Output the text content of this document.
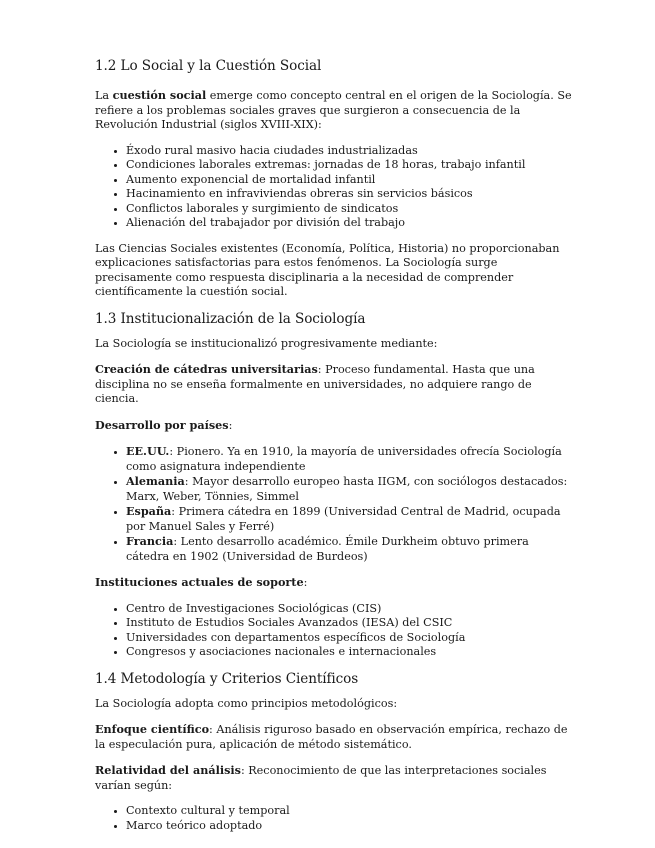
1.2 Lo Social y la Cuestión Social

La cuestión social emerge como concepto central en el origen de la Sociología. Se refiere a los problemas sociales graves que surgieron a consecuencia de la Revolución Industrial (siglos XVIII-XIX):

• Éxodo rural masivo hacia ciudades industrializadas
• Condiciones laborales extremas: jornadas de 18 horas, trabajo infantil
• Aumento exponencial de mortalidad infantil
• Hacinamiento en infraviviendas obreras sin servicios básicos
• Conflictos laborales y surgimiento de sindicatos
• Alienación del trabajador por división del trabajo

Las Ciencias Sociales existentes (Economía, Política, Historia) no proporcionaban explicaciones satisfactorias para estos fenómenos. La Sociología surge precisamente como respuesta disciplinaria a la necesidad de comprender científicamente la cuestión social.

1.3 Institucionalización de la Sociología

La Sociología se institucionalizó progresivamente mediante:

Creación de cátedras universitarias: Proceso fundamental. Hasta que una disciplina no se enseña formalmente en universidades, no adquiere rango de ciencia.

Desarrollo por países:

• EE.UU.: Pionero. Ya en 1910, la mayoría de universidades ofrecía Sociología como asignatura independiente
• Alemania: Mayor desarrollo europeo hasta IIGM, con sociólogos destacados: Marx, Weber, Tönnies, Simmel
• España: Primera cátedra en 1899 (Universidad Central de Madrid, ocupada por Manuel Sales y Ferré)
• Francia: Lento desarrollo académico. Émile Durkheim obtuvo primera cátedra en 1902 (Universidad de Burdeos)

Instituciones actuales de soporte:

• Centro de Investigaciones Sociológicas (CIS)
• Instituto de Estudios Sociales Avanzados (IESA) del CSIC
• Universidades con departamentos específicos de Sociología
• Congresos y asociaciones nacionales e internacionales
1.4 Metodología y Criterios Científicos

La Sociología adopta como principios metodológicos:

Enfoque científico: Análisis riguroso basado en observación empírica, rechazo de la especulación pura, aplicación de método sistemático.

Relatividad del análisis: Reconocimiento de que las interpretaciones sociales varían según:

• Contexto cultural y temporal
• Marco teórico adoptado
